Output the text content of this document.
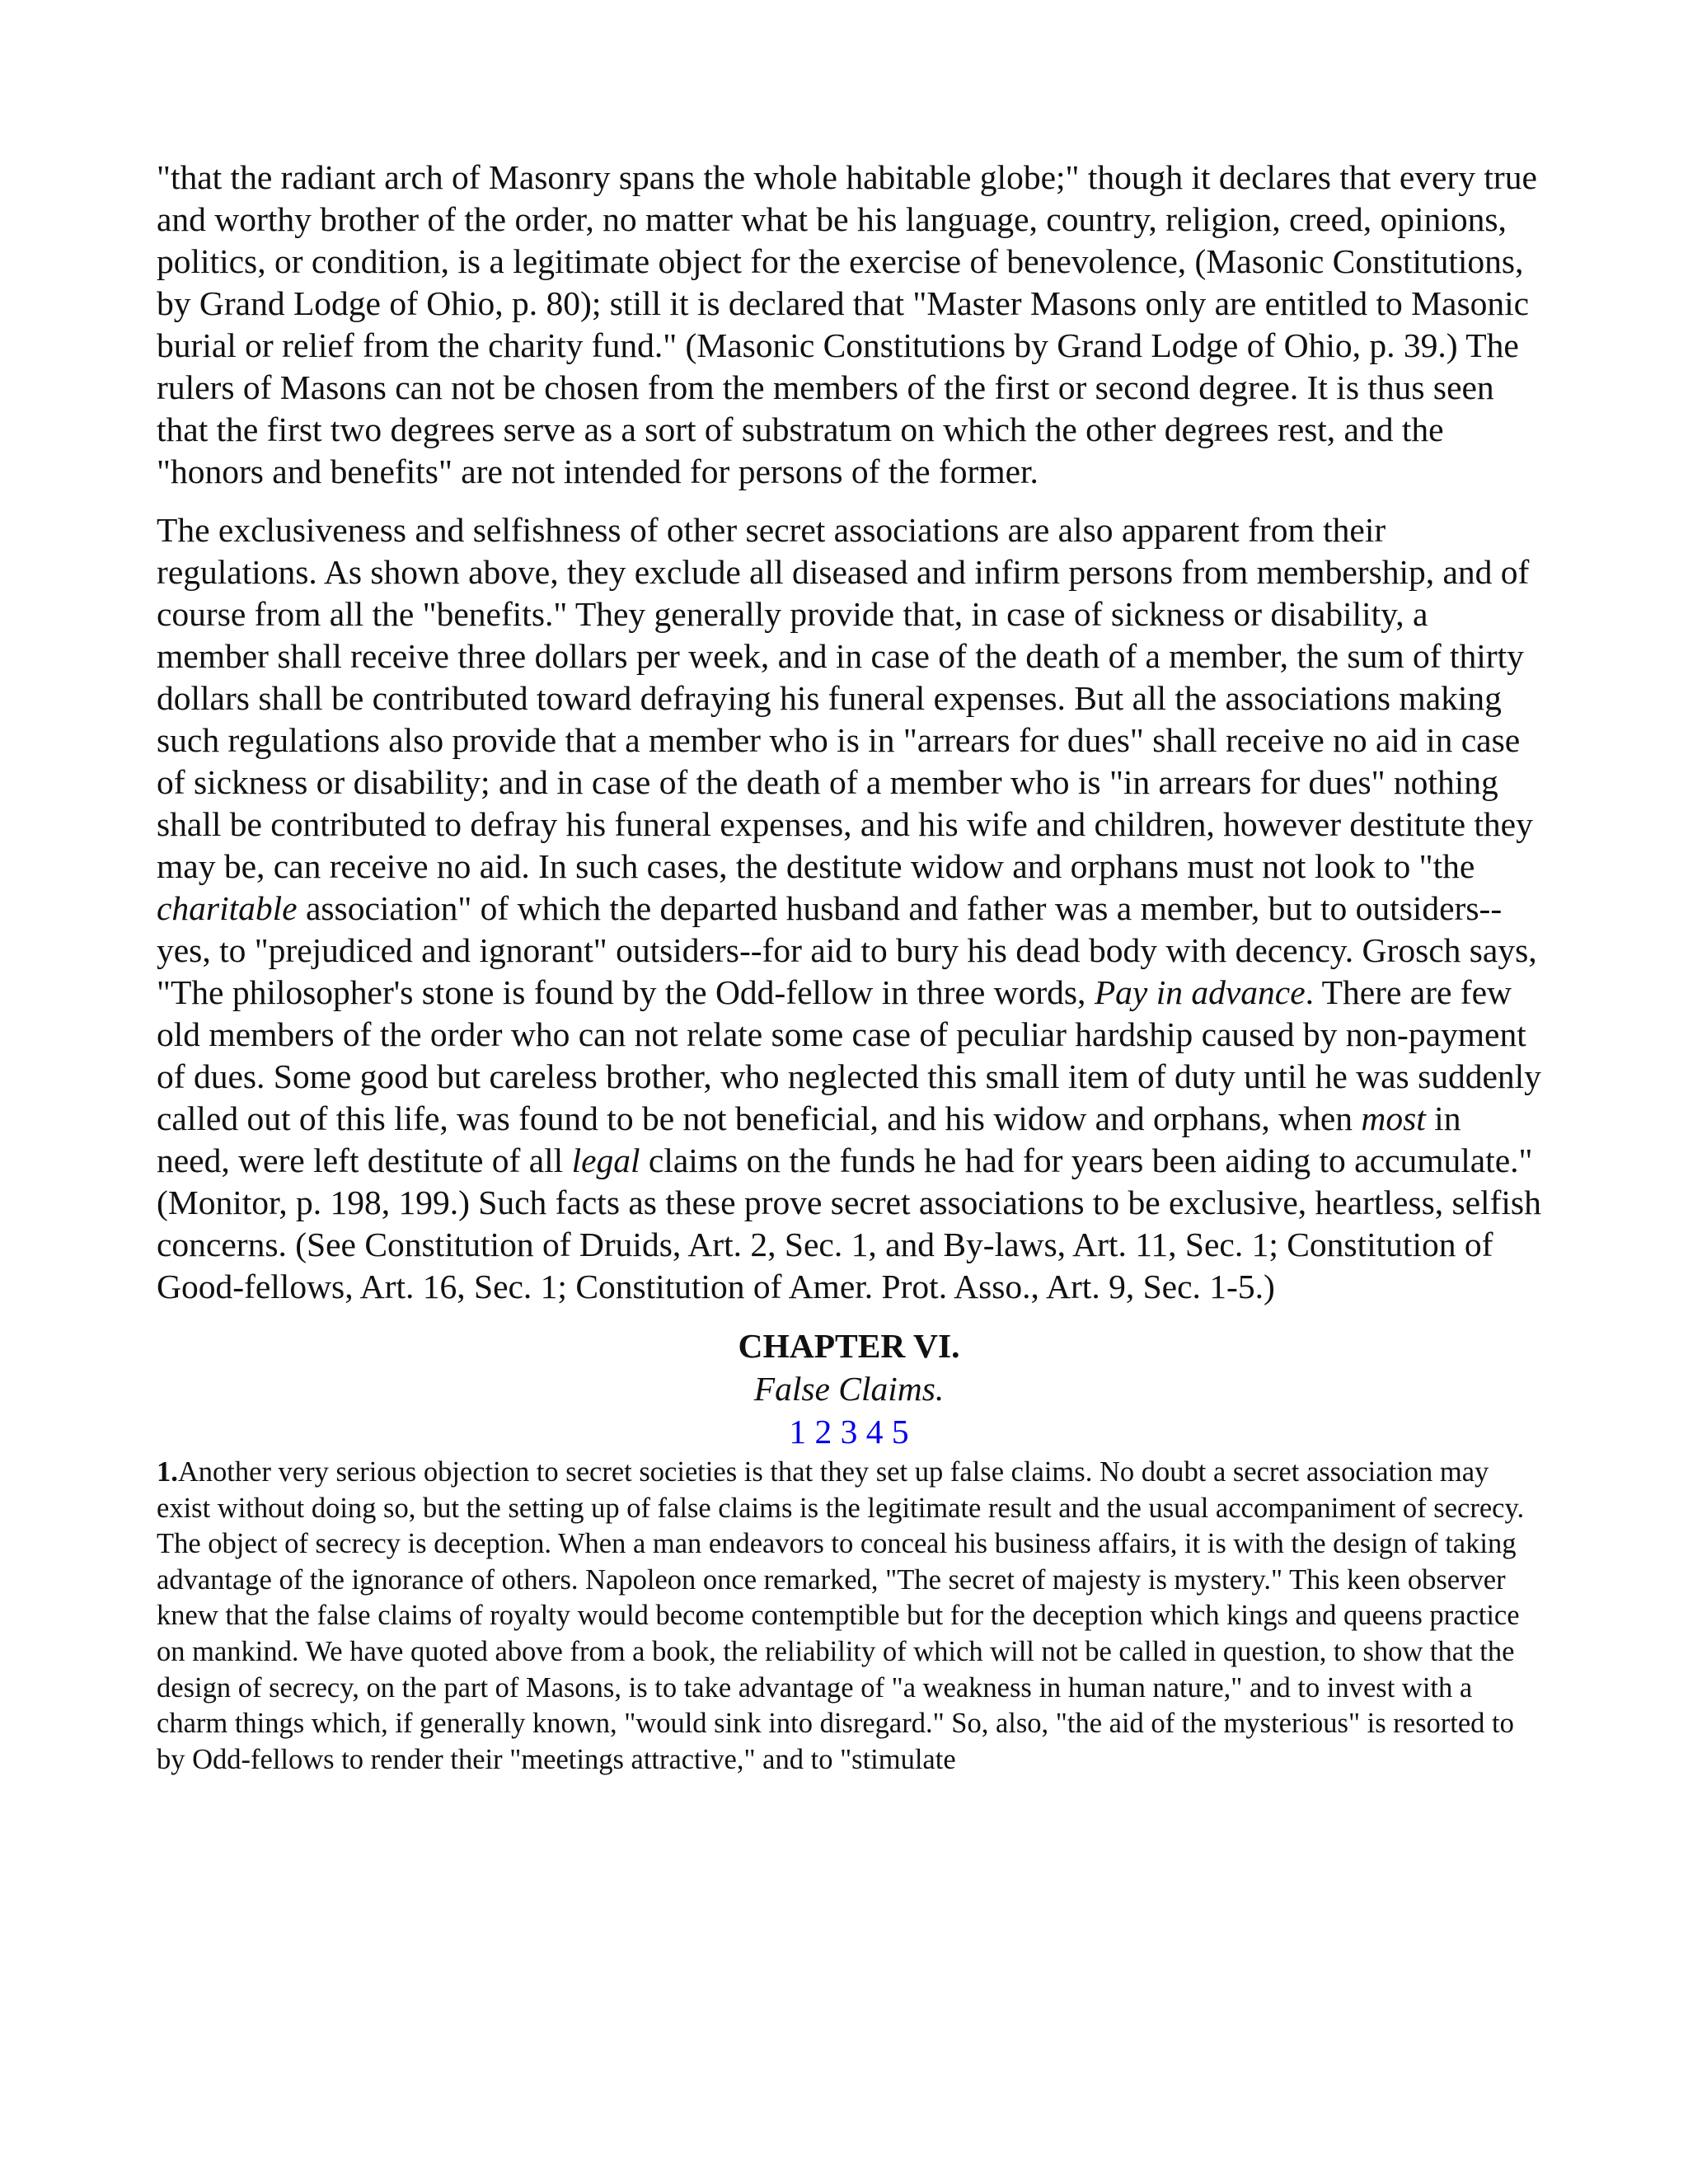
"that the radiant arch of Masonry spans the whole habitable globe;" though it declares that every true and worthy brother of the order, no matter what be his language, country, religion, creed, opinions, politics, or condition, is a legitimate object for the exercise of benevolence, (Masonic Constitutions, by Grand Lodge of Ohio, p. 80); still it is declared that "Master Masons only are entitled to Masonic burial or relief from the charity fund." (Masonic Constitutions by Grand Lodge of Ohio, p. 39.) The rulers of Masons can not be chosen from the members of the first or second degree. It is thus seen that the first two degrees serve as a sort of substratum on which the other degrees rest, and the "honors and benefits" are not intended for persons of the former.

The exclusiveness and selfishness of other secret associations are also apparent from their regulations. As shown above, they exclude all diseased and infirm persons from membership, and of course from all the "benefits." They generally provide that, in case of sickness or disability, a member shall receive three dollars per week, and in case of the death of a member, the sum of thirty dollars shall be contributed toward defraying his funeral expenses. But all the associations making such regulations also provide that a member who is in "arrears for dues" shall receive no aid in case of sickness or disability; and in case of the death of a member who is "in arrears for dues" nothing shall be contributed to defray his funeral expenses, and his wife and children, however destitute they may be, can receive no aid. In such cases, the destitute widow and orphans must not look to "the charitable association" of which the departed husband and father was a member, but to outsiders--yes, to "prejudiced and ignorant" outsiders--for aid to bury his dead body with decency. Grosch says, "The philosopher's stone is found by the Odd-fellow in three words, Pay in advance. There are few old members of the order who can not relate some case of peculiar hardship caused by non-payment of dues. Some good but careless brother, who neglected this small item of duty until he was suddenly called out of this life, was found to be not beneficial, and his widow and orphans, when most in need, were left destitute of all legal claims on the funds he had for years been aiding to accumulate." (Monitor, p. 198, 199.) Such facts as these prove secret associations to be exclusive, heartless, selfish concerns. (See Constitution of Druids, Art. 2, Sec. 1, and By-laws, Art. 11, Sec. 1; Constitution of Good-fellows, Art. 16, Sec. 1; Constitution of Amer. Prot. Asso., Art. 9, Sec. 1-5.)

CHAPTER VI.
False Claims.
1 2 3 4 5

1.Another very serious objection to secret societies is that they set up false claims. No doubt a secret association may exist without doing so, but the setting up of false claims is the legitimate result and the usual accompaniment of secrecy. The object of secrecy is deception. When a man endeavors to conceal his business affairs, it is with the design of taking advantage of the ignorance of others. Napoleon once remarked, "The secret of majesty is mystery." This keen observer knew that the false claims of royalty would become contemptible but for the deception which kings and queens practice on mankind. We have quoted above from a book, the reliability of which will not be called in question, to show that the design of secrecy, on the part of Masons, is to take advantage of "a weakness in human nature," and to invest with a charm things which, if generally known, "would sink into disregard." So, also, "the aid of the mysterious" is resorted to by Odd-fellows to render their "meetings attractive," and to "stimulate
